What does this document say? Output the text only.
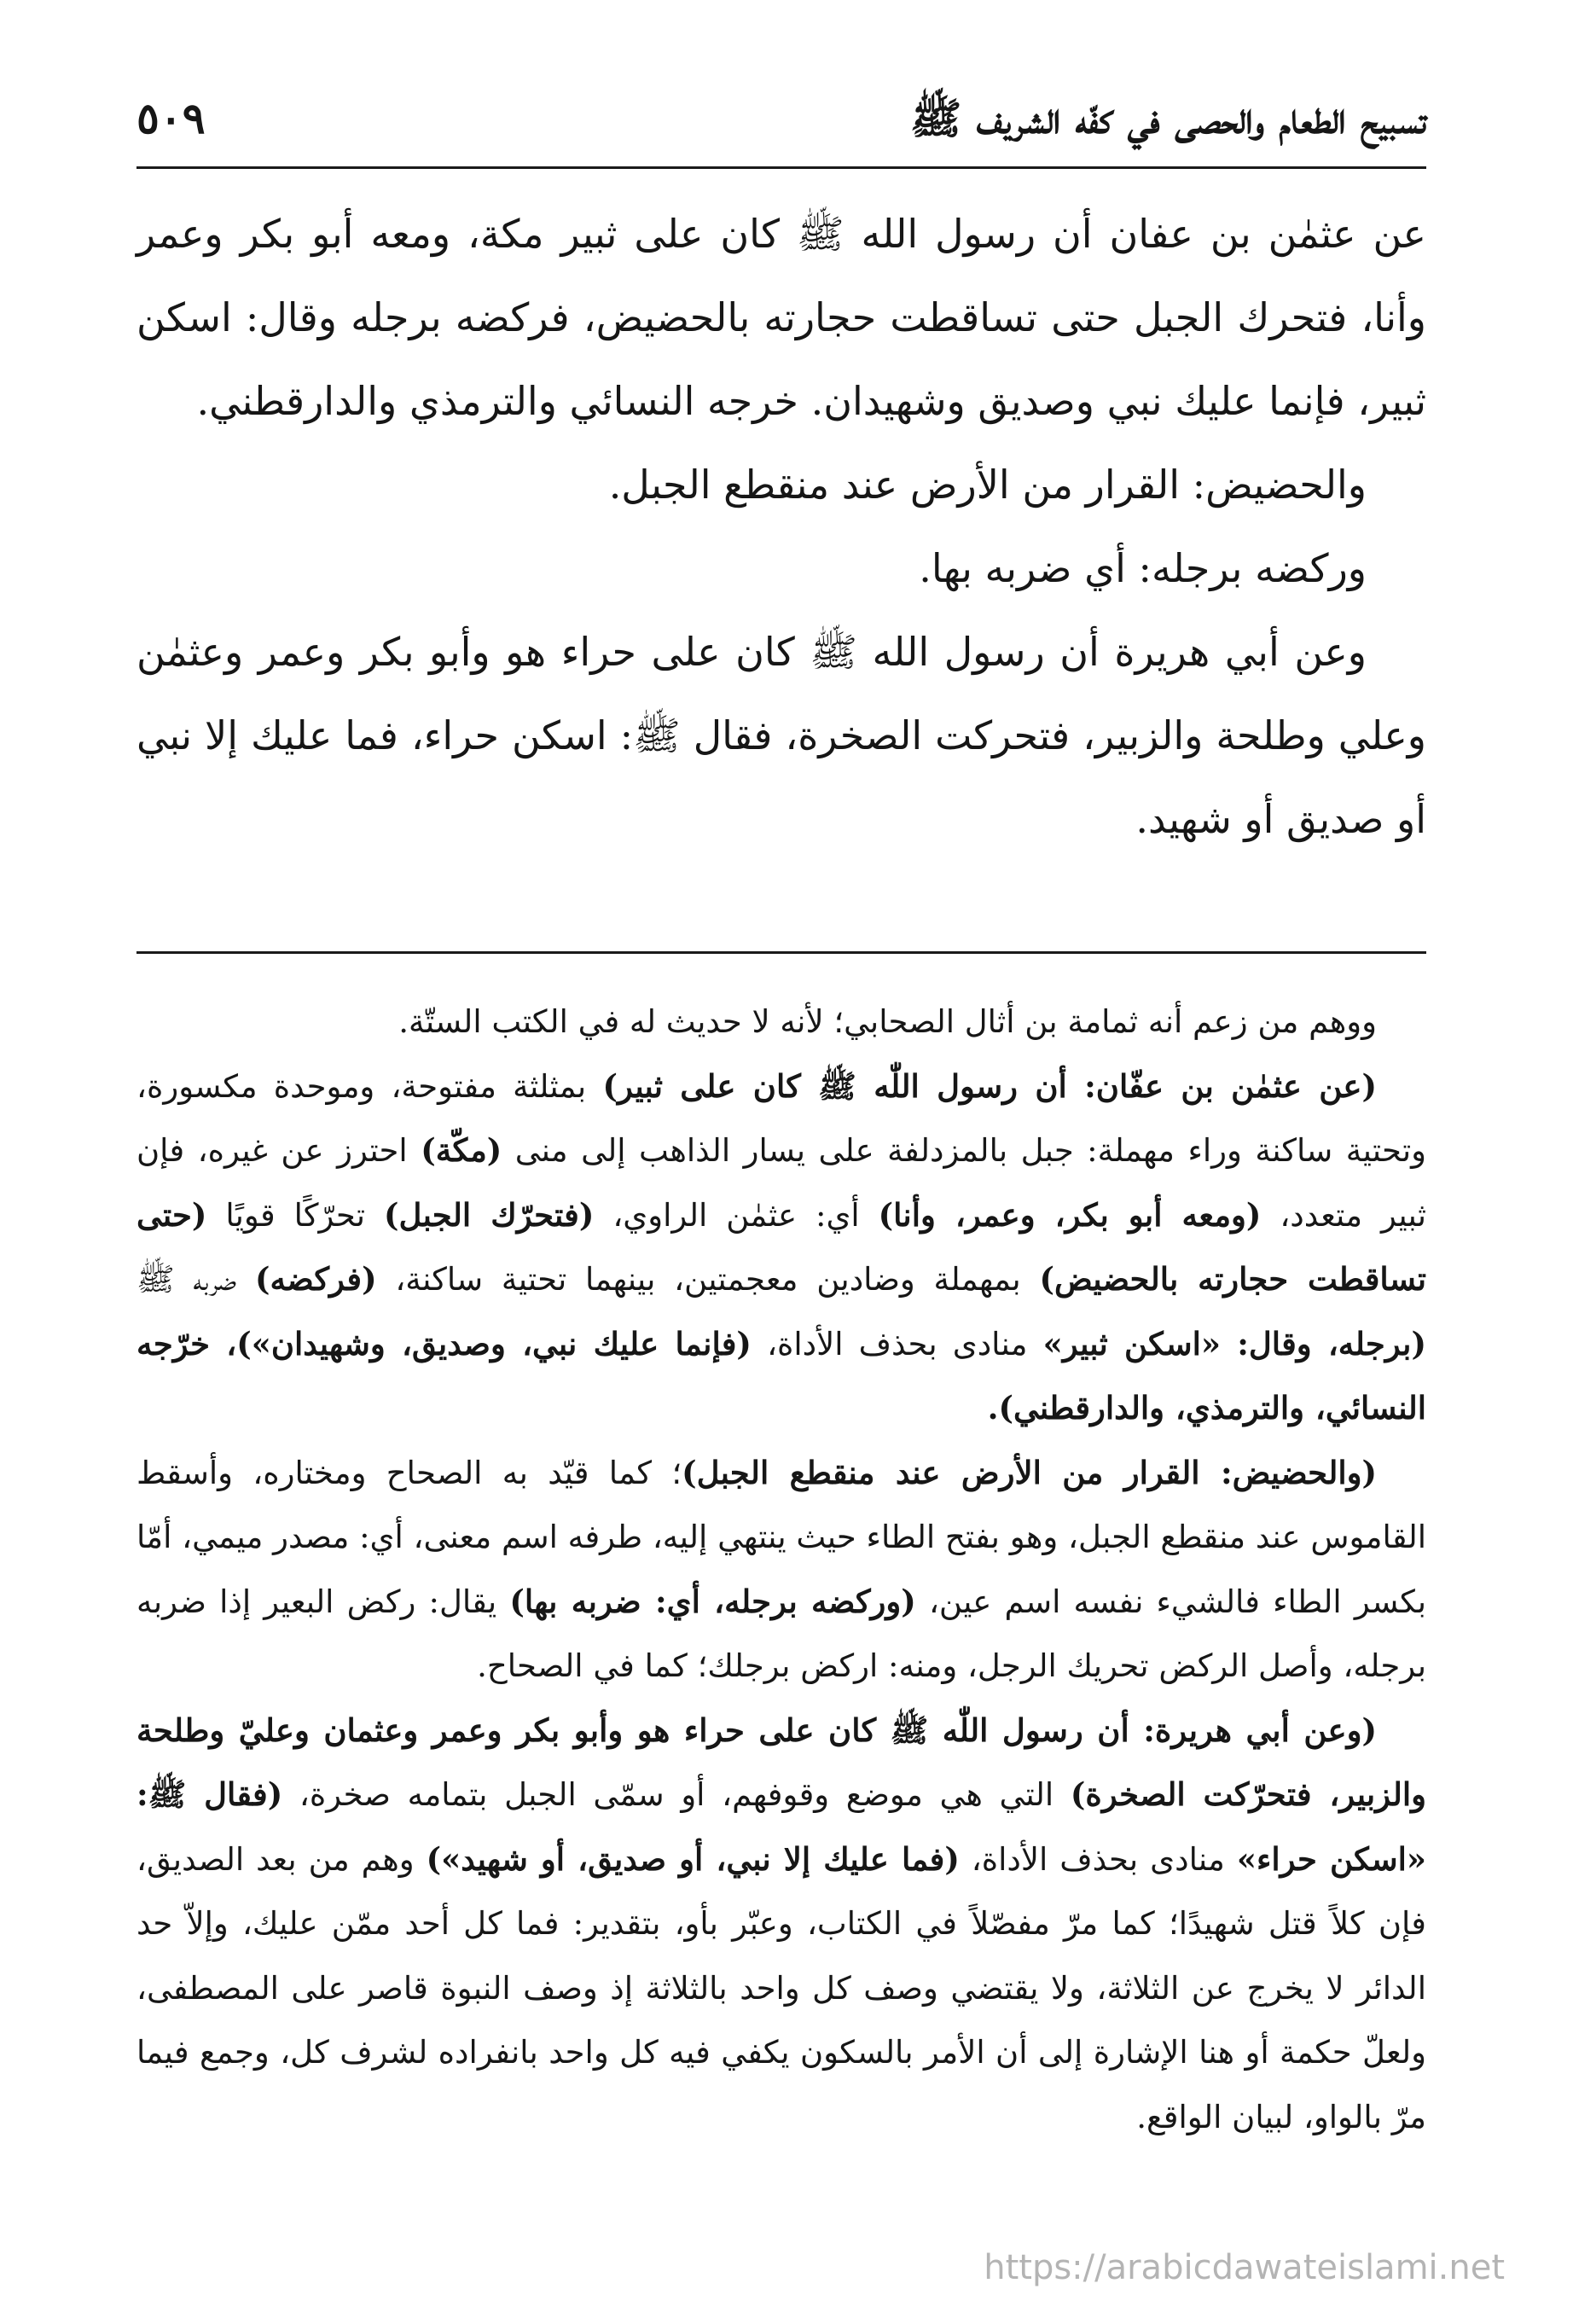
تسبيح الطعام والحصى في كفّه الشريف ﷺ
٥٠٩

عن عثمٰن بن عفان أن رسول الله ﷺ كان على ثبير مكة، ومعه أبو بكر وعمر وأنا، فتحرك الجبل حتى تساقطت حجارته بالحضيض، فركضه برجله وقال: اسكن ثبير، فإنما عليك نبي وصديق وشهيدان. خرجه النسائي والترمذي والدارقطني.

والحضيض: القرار من الأرض عند منقطع الجبل.

وركضه برجله: أي ضربه بها.

وعن أبي هريرة أن رسول الله ﷺ كان على حراء هو وأبو بكر وعمر وعثمٰن وعلي وطلحة والزبير، فتحركت الصخرة، فقال ﷺ: اسكن حراء، فما عليك إلا نبي أو صديق أو شهيد.

ووهم من زعم أنه ثمامة بن أثال الصحابي؛ لأنه لا حديث له في الكتب الستّة.

(عن عثمٰن بن عفّان: أن رسول اللّٰه ﷺ كان على ثبير) بمثلثة مفتوحة، وموحدة مكسورة، وتحتية ساكنة وراء مهملة: جبل بالمزدلفة على يسار الذاهب إلى منى (مكّة) احترز عن غيره، فإن ثبير متعدد، (ومعه أبو بكر، وعمر، وأنا) أي: عثمٰن الراوي، (فتحرّك الجبل) تحرّكًا قويًا (حتى تساقطت حجارته بالحضيض) بمهملة وضادين معجمتين، بينهما تحتية ساكنة، (فركضه) ضربه ﷺ (برجله، وقال: «اسكن ثبير» منادى بحذف الأداة، (فإنما عليك نبي، وصديق، وشهيدان»)، خرّجه النسائي، والترمذي، والدارقطني).

(والحضيض: القرار من الأرض عند منقطع الجبل)؛ كما قيّد به الصحاح ومختاره، وأسقط القاموس عند منقطع الجبل، وهو بفتح الطاء حيث ينتهي إليه، طرفه اسم معنى، أي: مصدر ميمي، أمّا بكسر الطاء فالشيء نفسه اسم عين، (وركضه برجله، أي: ضربه بها) يقال: ركض البعير إذا ضربه برجله، وأصل الركض تحريك الرجل، ومنه: اركض برجلك؛ كما في الصحاح.

(وعن أبي هريرة: أن رسول اللّٰه ﷺ كان على حراء هو وأبو بكر وعمر وعثمان وعليّ وطلحة والزبير، فتحرّكت الصخرة) التي هي موضع وقوفهم، أو سمّى الجبل بتمامه صخرة، (فقال ﷺ: «اسكن حراء» منادى بحذف الأداة، (فما عليك إلا نبي، أو صديق، أو شهيد») وهم من بعد الصديق، فإن كلاً قتل شهيدًا؛ كما مرّ مفصّلاً في الكتاب، وعبّر بأو، بتقدير: فما كل أحد ممّن عليك، وإلاّ حد الدائر لا يخرج عن الثلاثة، ولا يقتضي وصف كل واحد بالثلاثة إذ وصف النبوة قاصر على المصطفى، ولعلّ حكمة أو هنا الإشارة إلى أن الأمر بالسكون يكفي فيه كل واحد بانفراده لشرف كل، وجمع فيما مرّ بالواو، لبيان الواقع.

https://arabicdawateislami.net
